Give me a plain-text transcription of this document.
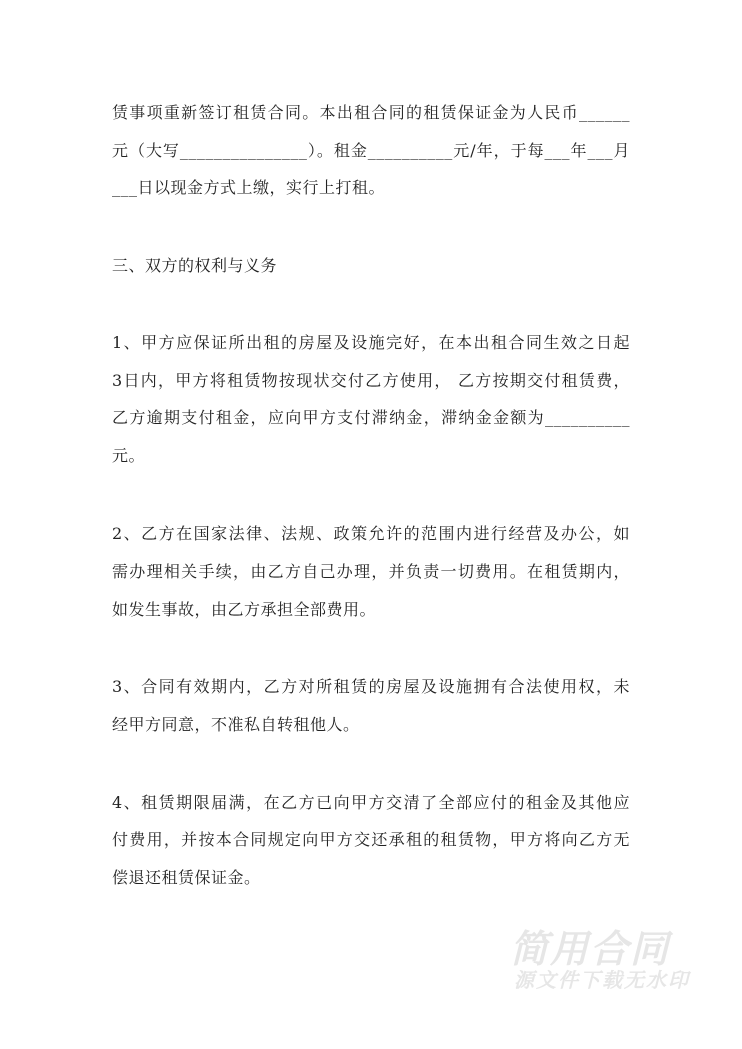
赁事项重新签订租赁合同。本出租合同的租赁保证金为人民币______
元（大写_______________）。租金__________元/年，于每___年___月
___日以现金方式上缴，实行上打租。
三、双方的权利与义务
1、甲方应保证所出租的房屋及设施完好，在本出租合同生效之日起
3日内，甲方将租赁物按现状交付乙方使用， 乙方按期交付租赁费，
乙方逾期支付租金，应向甲方支付滞纳金，滞纳金金额为__________
元。
2、乙方在国家法律、法规、政策允许的范围内进行经营及办公，如
需办理相关手续，由乙方自己办理，并负责一切费用。在租赁期内，
如发生事故，由乙方承担全部费用。
3、合同有效期内，乙方对所租赁的房屋及设施拥有合法使用权，未
经甲方同意，不准私自转租他人。
4、租赁期限届满，在乙方已向甲方交清了全部应付的租金及其他应
付费用，并按本合同规定向甲方交还承租的租赁物，甲方将向乙方无
偿退还租赁保证金。
简用合同
源文件下载无水印
